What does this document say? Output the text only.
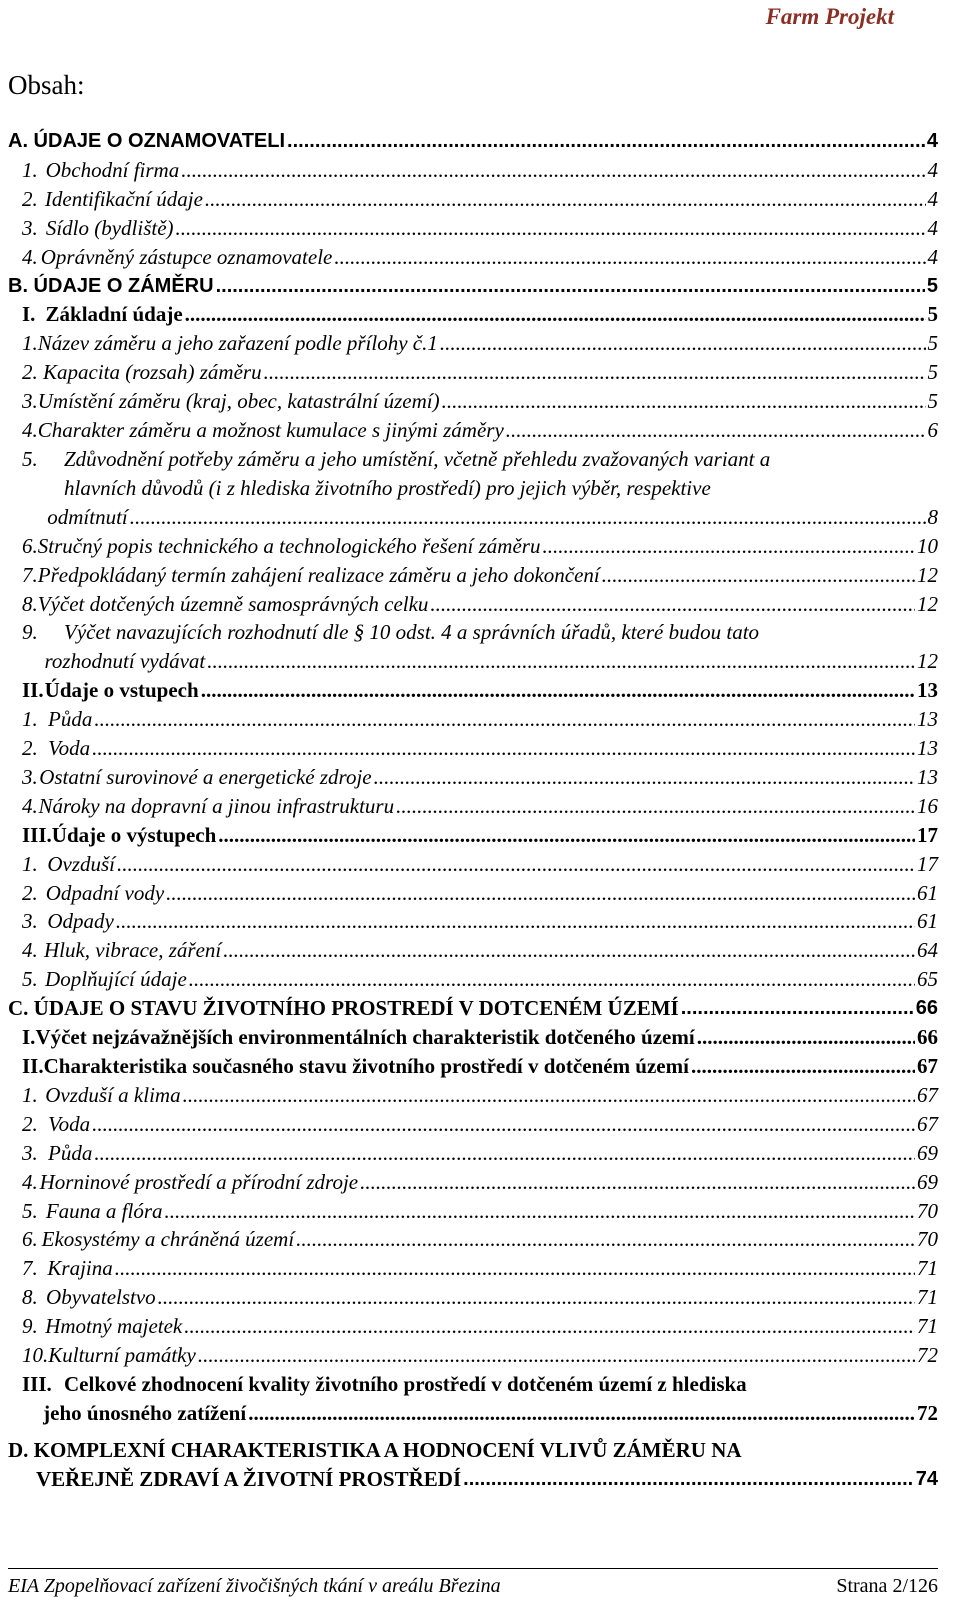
Farm Projekt
Obsah:
A. ÚDAJE O OZNAMOVATELI .....	4
1. Obchodní firma .....	4
2. Identifikační údaje .....	4
3. Sídlo (bydliště) .....	4
4. Oprávněný zástupce oznamovatele .....	4
B. ÚDAJE O ZÁMĚRU .....	5
I. Základní údaje .....	5
1. Název záměru a jeho zařazení podle přílohy č.1 .....	5
2. Kapacita (rozsah) záměru .....	5
3. Umístění záměru (kraj, obec, katastrální území) .....	5
4. Charakter záměru a možnost kumulace s jinými záměry .....	6
5.	Zdůvodnění potřeby záměru a jeho umístění, včetně přehledu zvažovaných variant a
hlavních důvodů (i z hlediska životního prostředí) pro jejich výběr, respektive
odmítnutí .....	8
6. Stručný popis technického a technologického řešení záměru .....	10
7. Předpokládaný termín zahájení realizace záměru a jeho dokončení .....	12
8. Výčet dotčených územně samosprávných celku .....	12
9.	Výčet navazujících rozhodnutí dle § 10 odst. 4 a správních úřadů, které budou tato
rozhodnutí vydávat .....	12
II. Údaje o vstupech .....	13
1. Půda .....	13
2. Voda .....	13
3. Ostatní surovinové a energetické zdroje .....	13
4. Nároky na dopravní a jinou infrastrukturu .....	16
III. Údaje o výstupech .....	17
1. Ovzduší .....	17
2. Odpadní vody .....	61
3. Odpady .....	61
4. Hluk, vibrace, záření .....	64
5. Doplňující údaje .....	65
C. ÚDAJE O STAVU ŽIVOTNÍHO PROSTREDÍ V DOTCENÉM ÚZEMÍ .....	66
I. Výčet nejzávažnějších environmentálních charakteristik dotčeného území .....	66
II. Charakteristika současného stavu životního prostředí v dotčeném území .....	67
1. Ovzduší a klima .....	67
2. Voda .....	67
3. Půda .....	69
4. Horninové prostředí a přírodní zdroje .....	69
5. Fauna a flóra .....	70
6. Ekosystémy a chráněná území .....	70
7. Krajina .....	71
8. Obyvatelstvo .....	71
9. Hmotný majetek .....	71
10. Kulturní památky .....	72
III. Celkové zhodnocení kvality životního prostředí v dotčeném území z hlediska
jeho únosného zatížení .....	72
D. KOMPLEXNÍ CHARAKTERISTIKA A HODNOCENÍ VLIVŮ ZÁMĚRU NA
VEŘEJNĚ ZDRAVÍ A ŽIVOTNÍ PROSTŘEDÍ .....	74
EIA Zpopelňovací zařízení živočišných tkání v areálu Březina	Strana 2/126
